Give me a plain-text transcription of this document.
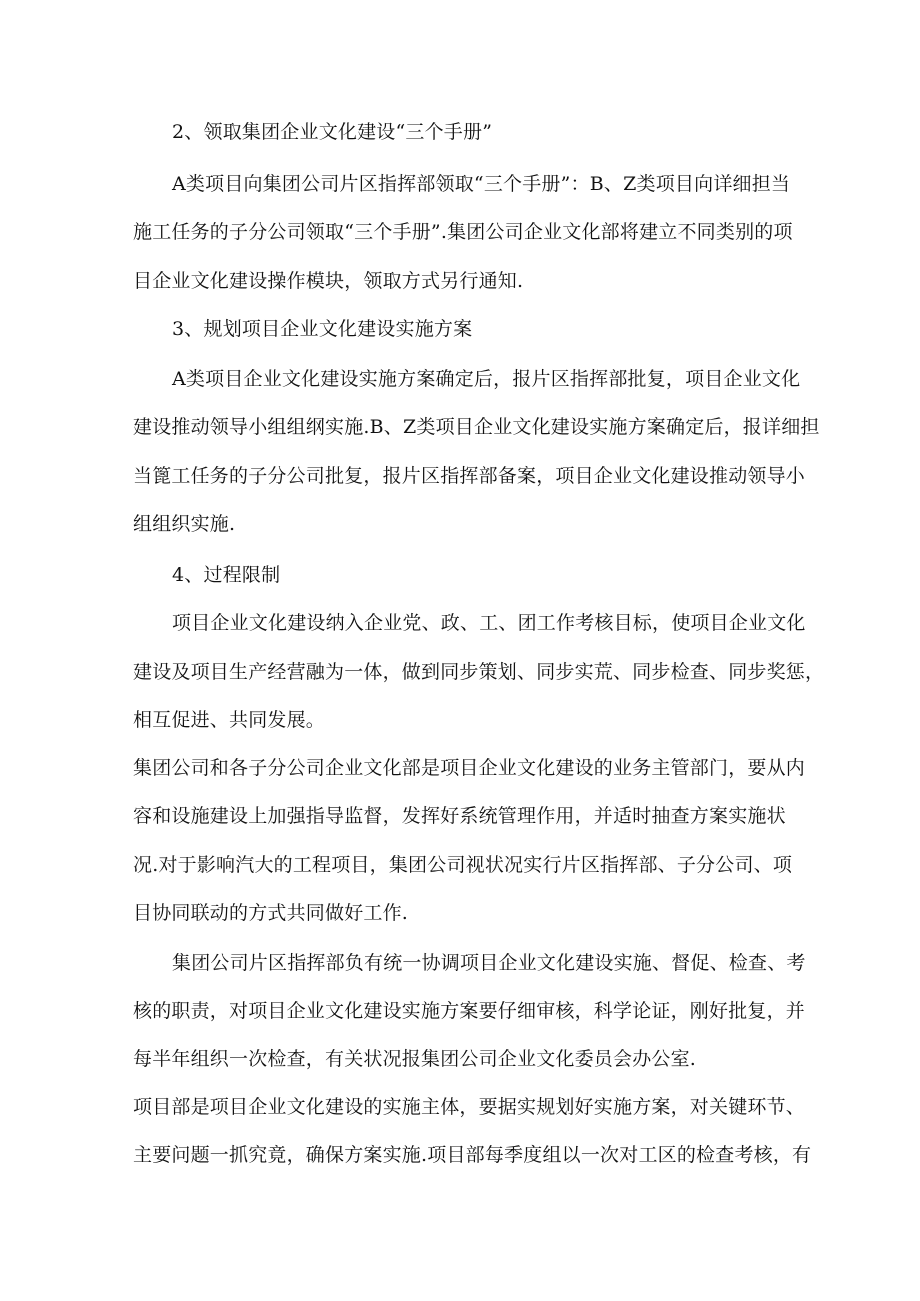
2、领取集团企业文化建设“三个手册”
A类项目向集团公司片区指挥部领取“三个手册”：B、Z类项目向详细担当
施工任务的子分公司领取“三个手册”.集团公司企业文化部将建立不同类别的项
目企业文化建设操作模块，领取方式另行通知.
3、规划项目企业文化建设实施方案
A类项目企业文化建设实施方案确定后，报片区指挥部批复，项目企业文化
建设推动领导小组组纲实施.B、Z类项目企业文化建设实施方案确定后，报详细担
当篦工任务的子分公司批复，报片区指挥部备案，项目企业文化建设推动领导小
组组织实施.
4、过程限制
项目企业文化建设纳入企业党、政、工、团工作考核目标，使项目企业文化
建设及项目生产经营融为一体，做到同步策划、同步实荒、同步检查、同步奖惩，
相互促进、共同发展。
集团公司和各子分公司企业文化部是项目企业文化建设的业务主管部门，要从内
容和设施建设上加强指导监督，发挥好系统管理作用，并适时抽查方案实施状
况.对于影响汽大的工程项目，集团公司视状况实行片区指挥部、子分公司、项
目协同联动的方式共同做好工作.
集团公司片区指挥部负有统一协调项目企业文化建设实施、督促、检查、考
核的职责，对项目企业文化建设实施方案要仔细审核，科学论证，刚好批复，并
每半年组织一次检查，有关状况报集团公司企业文化委员会办公室.
项目部是项目企业文化建设的实施主体，要据实规划好实施方案，对关键环节、
主要问题一抓究竟，确保方案实施.项目部每季度组以一次对工区的检查考核，有
